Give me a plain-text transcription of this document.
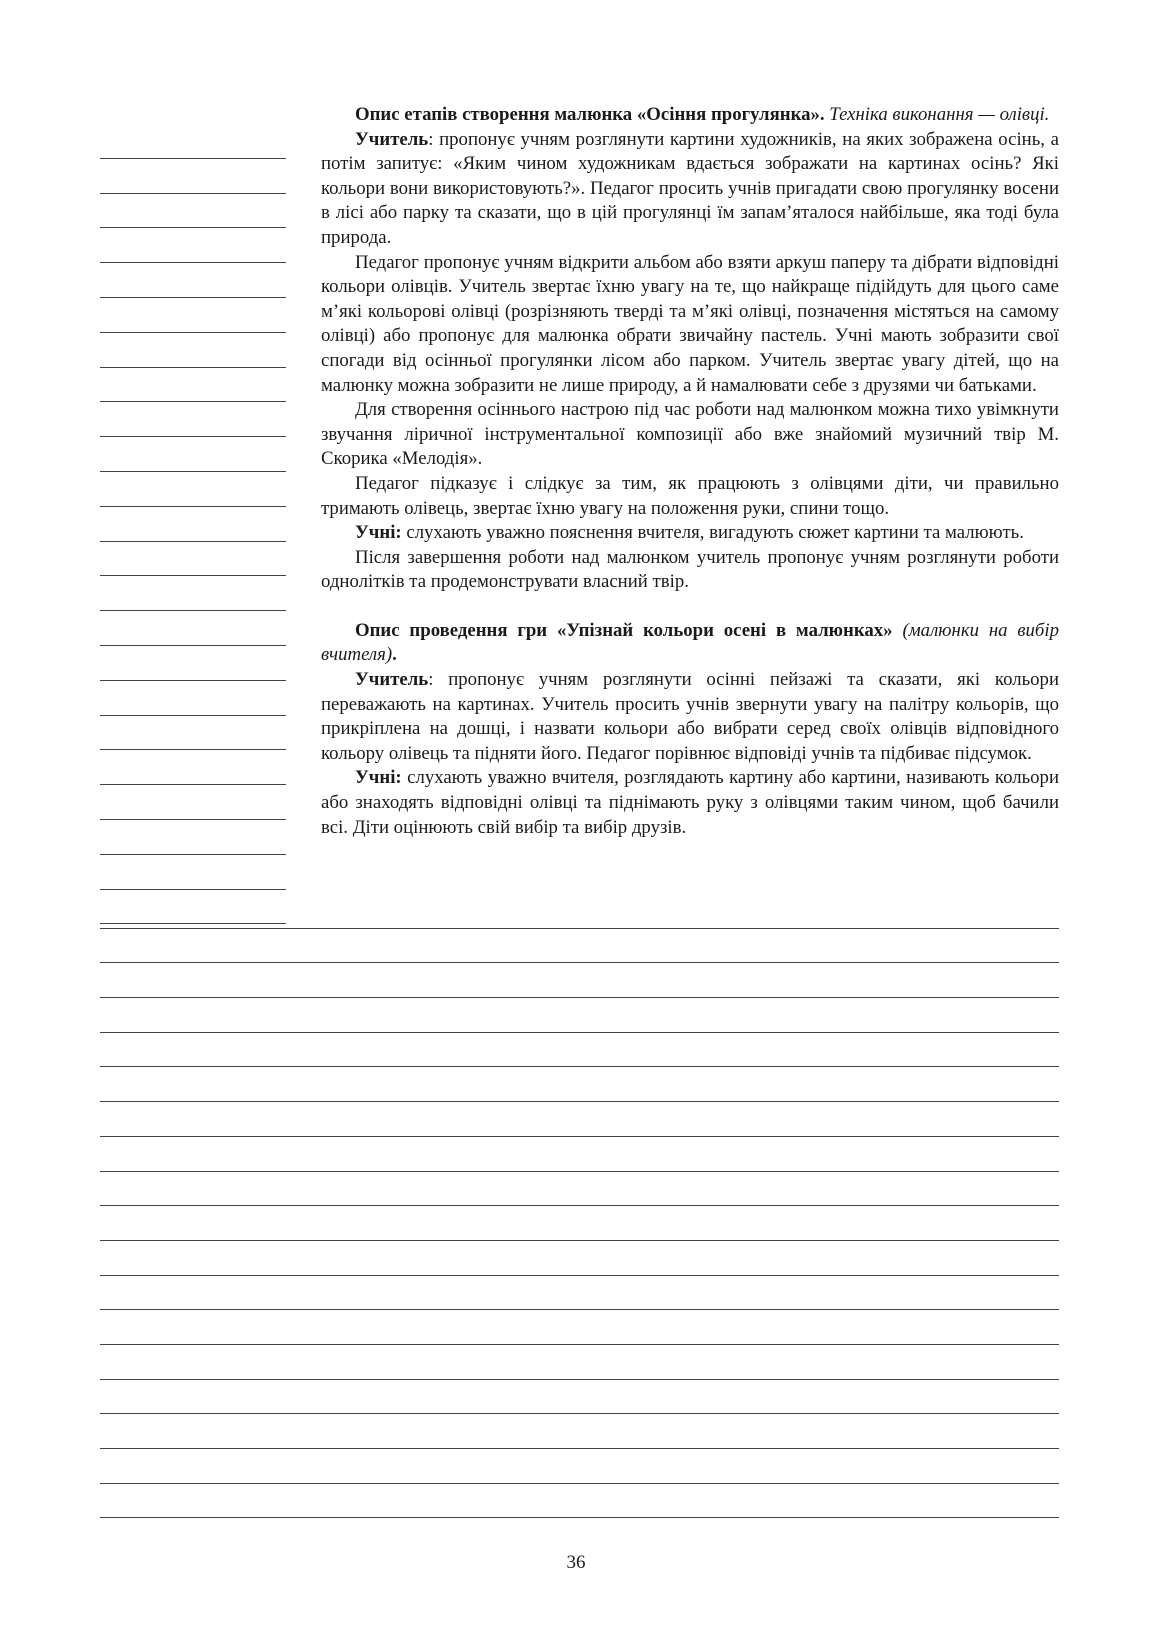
Опис етапів створення малюнка «Осіння прогулянка». Техніка виконання — олівці.

Учитель: пропонує учням розглянути картини художників, на яких зображена осінь, а потім запитує: «Яким чином художникам вдається зображати на картинах осінь? Які кольори вони використовують?». Педагог просить учнів пригадати свою прогулянку восени в лісі або парку та сказати, що в цій прогулянці їм запам’яталося найбільше, яка тоді була природа.

Педагог пропонує учням відкрити альбом або взяти аркуш паперу та дібрати відповідні кольори олівців. Учитель звертає їхню увагу на те, що найкраще підійдуть для цього саме м’які кольорові олівці (розрізняють тверді та м’які олівці, позначення містяться на самому олівці) або пропонує для малюнка обрати звичайну пастель. Учні мають зобразити свої спогади від осінньої прогулянки лісом або парком. Учитель звертає увагу дітей, що на малюнку можна зобразити не лише природу, а й намалювати себе з друзями чи батьками.

Для створення осіннього настрою під час роботи над малюнком можна тихо увімкнути звучання ліричної інструментальної композиції або вже знайомий музичний твір М. Скорика «Мелодія».

Педагог підказує і слідкує за тим, як працюють з олівцями діти, чи правильно тримають олівець, звертає їхню увагу на положення руки, спини тощо.

Учні: слухають уважно пояснення вчителя, вигадують сюжет картини та малюють.

Після завершення роботи над малюнком учитель пропонує учням розглянути роботи однолітків та продемонструвати власний твір.

Опис проведення гри «Упізнай кольори осені в малюнках» (малюнки на вибір вчителя).

Учитель: пропонує учням розглянути осінні пейзажі та сказати, які кольори переважають на картинах. Учитель просить учнів звернути увагу на палітру кольорів, що прикріплена на дошці, і назвати кольори або вибрати серед своїх олівців відповідного кольору олівець та підняти його. Педагог порівнює відповіді учнів та підбиває підсумок.

Учні: слухають уважно вчителя, розглядають картину або картини, називають кольори або знаходять відповідні олівці та піднімають руку з олівцями таким чином, щоб бачили всі. Діти оцінюють свій вибір та вибір друзів.

36
